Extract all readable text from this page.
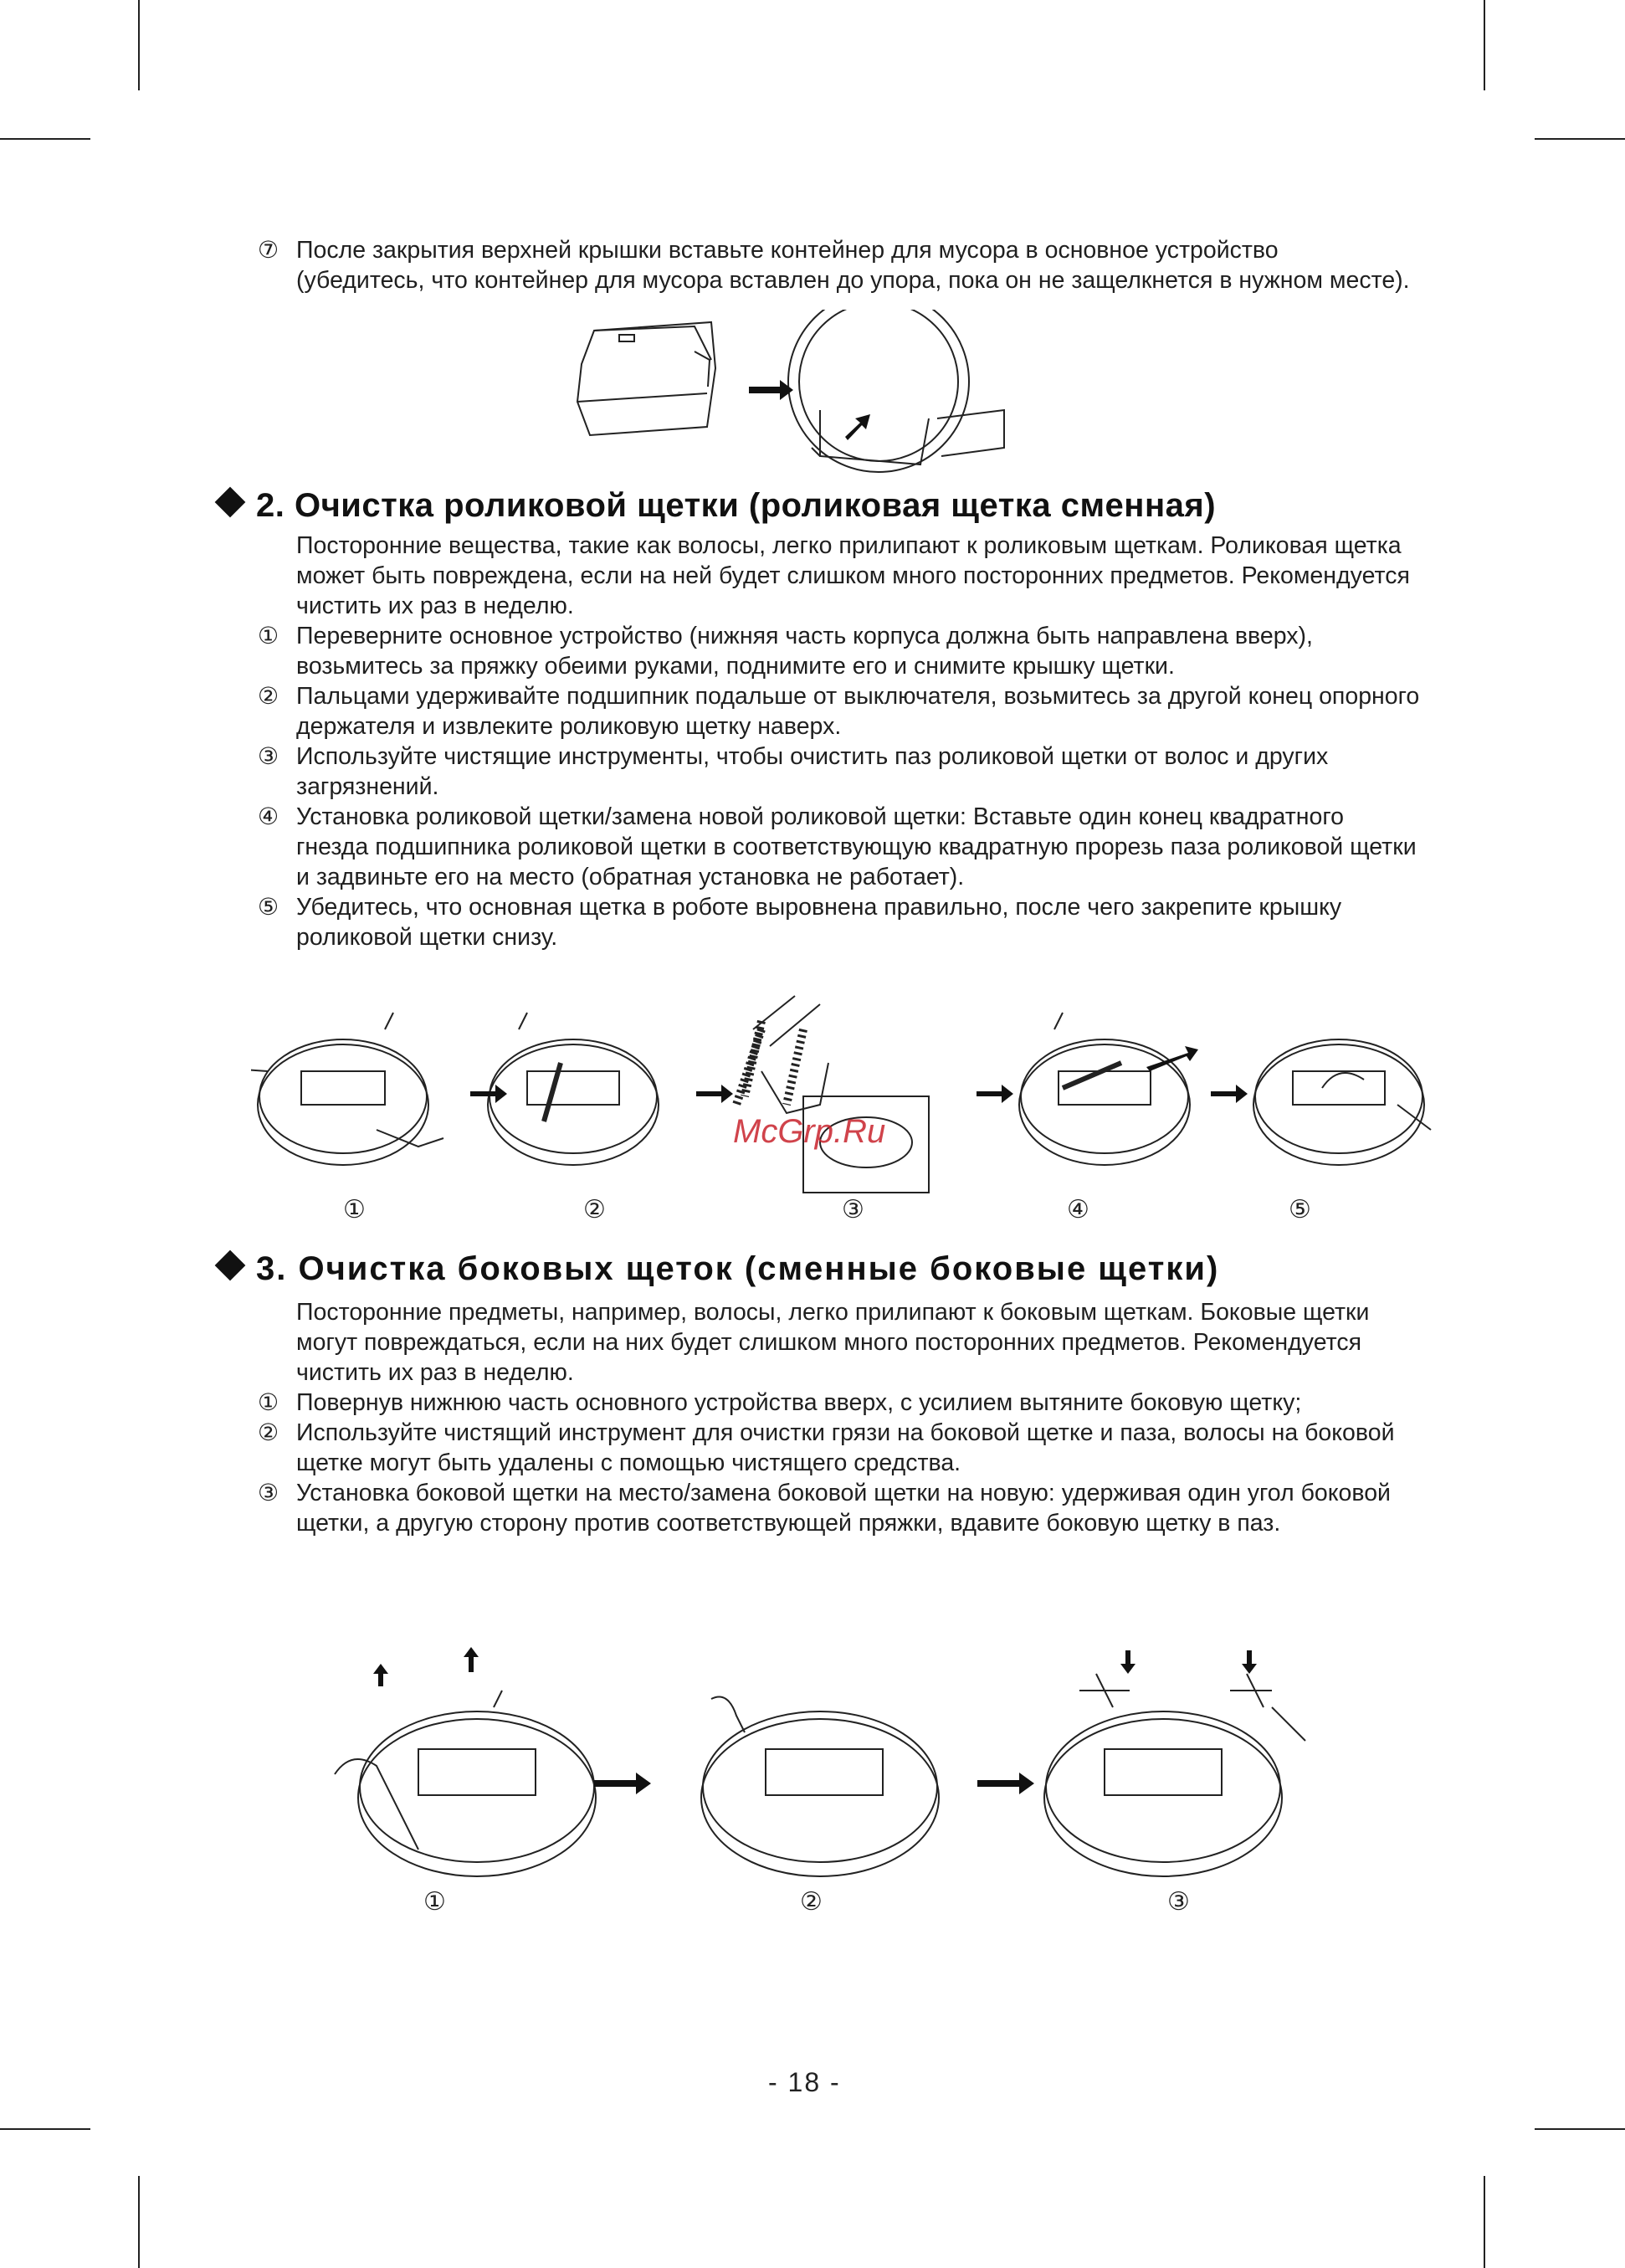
⑦ После закрытия верхней крышки вставьте контейнер для мусора в основное устройство (убедитесь, что контейнер для мусора вставлен до упора, пока он не защелкнется в нужном месте).
2. Очистка роликовой щетки (роликовая щетка сменная)
Посторонние вещества, такие как волосы, легко прилипают к роликовым щеткам. Роликовая щетка может быть повреждена, если на ней будет слишком много посторонних предметов. Рекомендуется чистить их раз в неделю.
① Переверните основное устройство (нижняя часть корпуса должна быть направлена вверх), возьмитесь за пряжку обеими руками, поднимите его и снимите крышку щетки.
② Пальцами удерживайте подшипник подальше от выключателя, возьмитесь за другой конец опорного держателя и извлеките роликовую щетку наверх.
③ Используйте чистящие инструменты, чтобы очистить паз роликовой щетки от волос и других загрязнений.
④ Установка роликовой щетки/замена новой роликовой щетки: Вставьте один конец квадратного гнезда подшипника роликовой щетки в соответствующую квадратную прорезь паза роликовой щетки и задвиньте его на место (обратная установка не работает).
⑤ Убедитесь, что основная щетка в роботе выровнена правильно, после чего закрепите крышку роликовой щетки снизу.
McGrp.Ru
①	②	③	④	⑤
3. Очистка боковых щеток (сменные боковые щетки)
Посторонние предметы, например, волосы, легко прилипают к боковым щеткам. Боковые щетки могут повреждаться, если на них будет слишком много посторонних предметов. Рекомендуется чистить их раз в неделю.
① Повернув нижнюю часть основного устройства вверх, с усилием вытяните боковую щетку;
② Используйте чистящий инструмент для очистки грязи на боковой щетке и паза, волосы на боковой щетке могут быть удалены с помощью чистящего средства.
③ Установка боковой щетки на место/замена боковой щетки на новую: удерживая один угол боковой щетки, а другую сторону против соответствующей пряжки, вдавите боковую щетку в паз.
①	②	③
- 18 -
